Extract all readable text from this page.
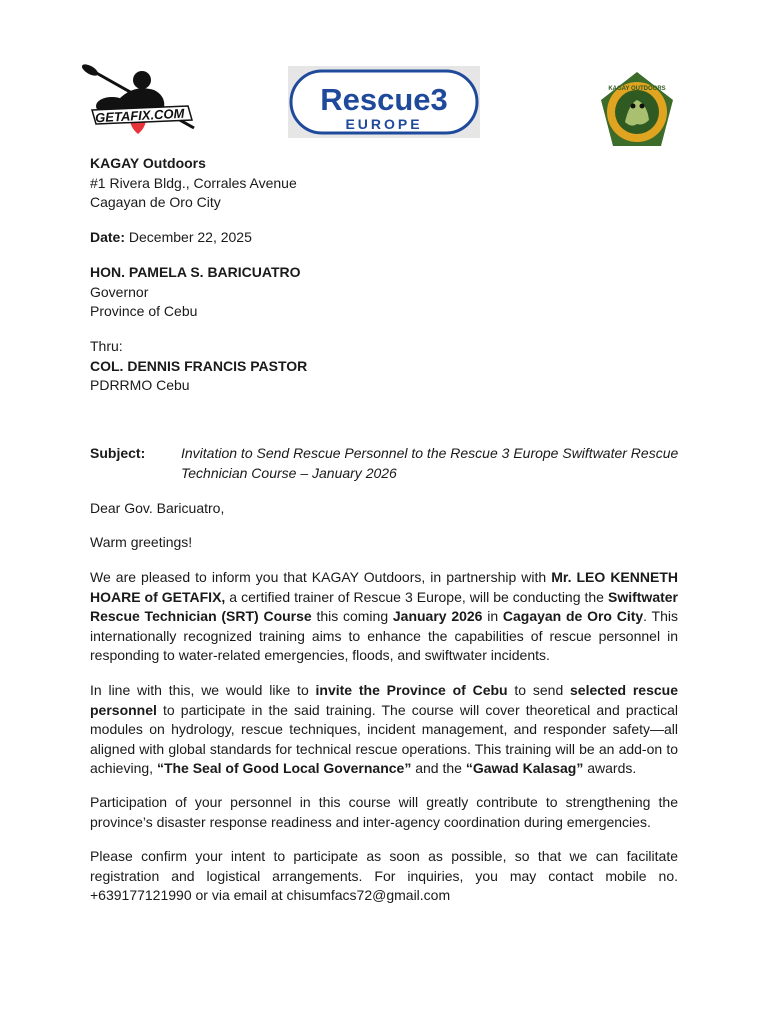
GETAFIX.COM	Rescue3
EUROPE
KAGAY OUTDOORS
KAGAY Outdoors
#1 Rivera Bldg., Corrales Avenue
Cagayan de Oro City
Date: December 22, 2025
HON. PAMELA S. BARICUATRO
Governor
Province of Cebu
Thru:
COL. DENNIS FRANCIS PASTOR
PDRRMO Cebu
Subject:	Invitation to Send Rescue Personnel to the Rescue 3 Europe Swiftwater Rescue Technician Course – January 2026
Dear Gov. Baricuatro,
Warm greetings!
We are pleased to inform you that KAGAY Outdoors, in partnership with Mr. LEO KENNETH HOARE of GETAFIX, a certified trainer of Rescue 3 Europe, will be conducting the Swiftwater Rescue Technician (SRT) Course this coming January 2026 in Cagayan de Oro City. This internationally recognized training aims to enhance the capabilities of rescue personnel in responding to water-related emergencies, floods, and swiftwater incidents.
In line with this, we would like to invite the Province of Cebu to send selected rescue personnel to participate in the said training. The course will cover theoretical and practical modules on hydrology, rescue techniques, incident management, and responder safety—all aligned with global standards for technical rescue operations. This training will be an add-on to achieving, “The Seal of Good Local Governance” and the “Gawad Kalasag” awards.
Participation of your personnel in this course will greatly contribute to strengthening the province’s disaster response readiness and inter-agency coordination during emergencies.
Please confirm your intent to participate as soon as possible, so that we can facilitate registration and logistical arrangements. For inquiries, you may contact mobile no. +639177121990 or via email at chisumfacs72@gmail.com
